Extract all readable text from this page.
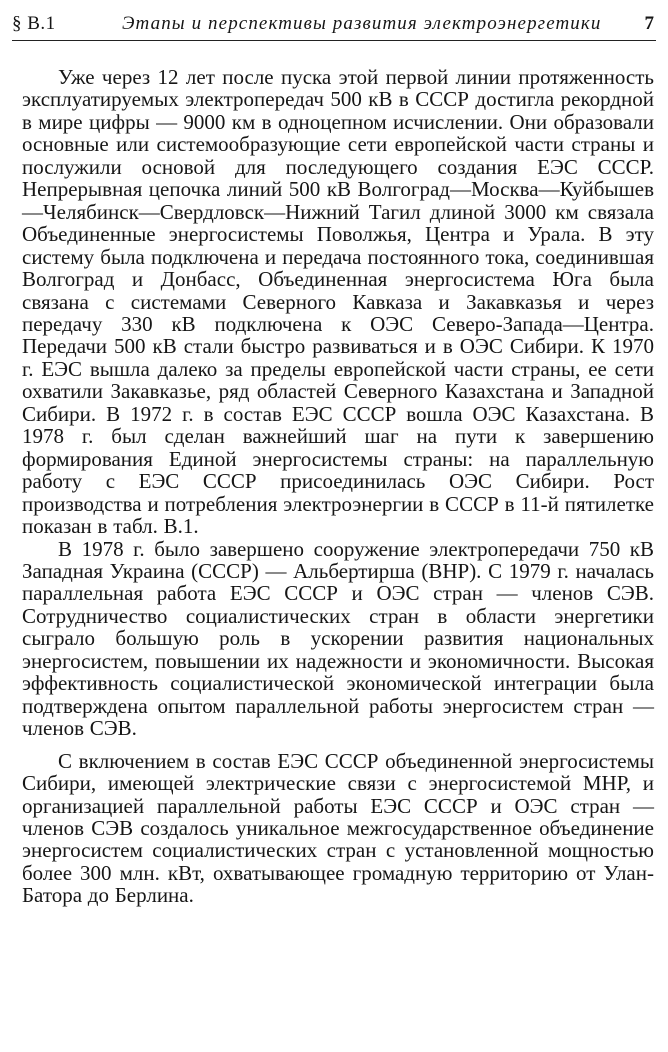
§ В.1	Этапы и перспективы развития электроэнергетики 7

Уже через 12 лет после пуска этой первой линии протяженность эксплуатируемых электропередач 500 кВ в СССР достигла рекордной в мире цифры — 9000 км в одноцепном исчислении. Они образовали основные или системообразующие сети европейской части страны и послужили основой для последующего создания ЕЭС СССР. Непрерывная цепочка линий 500 кВ Волгоград—Москва—Куйбышев—Челябинск—Свердловск—Нижний Тагил длиной 3000 км связала Объединенные энергосистемы Поволжья, Центра и Урала. В эту систему была подключена и передача постоянного тока, соединившая Волгоград и Донбасс, Объединенная энергосистема Юга была связана с системами Северного Кавказа и Закавказья и через передачу 330 кВ подключена к ОЭС Северо-Запада—Центра. Передачи 500 кВ стали быстро развиваться и в ОЭС Сибири. К 1970 г. ЕЭС вышла далеко за пределы европейской части страны, ее сети охватили Закавказье, ряд областей Северного Казахстана и Западной Сибири. В 1972 г. в состав ЕЭС СССР вошла ОЭС Казахстана. В 1978 г. был сделан важнейший шаг на пути к завершению формирования Единой энергосистемы страны: на параллельную работу с ЕЭС СССР присоединилась ОЭС Сибири. Рост производства и потребления электроэнергии в СССР в 11-й пятилетке показан в табл. В.1.

В 1978 г. было завершено сооружение электропередачи 750 кВ Западная Украина (СССР) — Альбертирша (ВНР). С 1979 г. началась параллельная работа ЕЭС СССР и ОЭС стран — членов СЭВ. Сотрудничество социалистических стран в области энергетики сыграло большую роль в ускорении развития национальных энергосистем, повышении их надежности и экономичности. Высокая эффективность социалистической экономической интеграции была подтверждена опытом параллельной работы энергосистем стран — членов СЭВ.

С включением в состав ЕЭС СССР объединенной энергосистемы Сибири, имеющей электрические связи с энергосистемой МНР, и организацией параллельной работы ЕЭС СССР и ОЭС стран — членов СЭВ создалось уникальное межгосударственное объединение энергосистем социалистических стран с установленной мощностью более 300 млн. кВт, охватывающее громадную территорию от Улан-Батора до Берлина.
